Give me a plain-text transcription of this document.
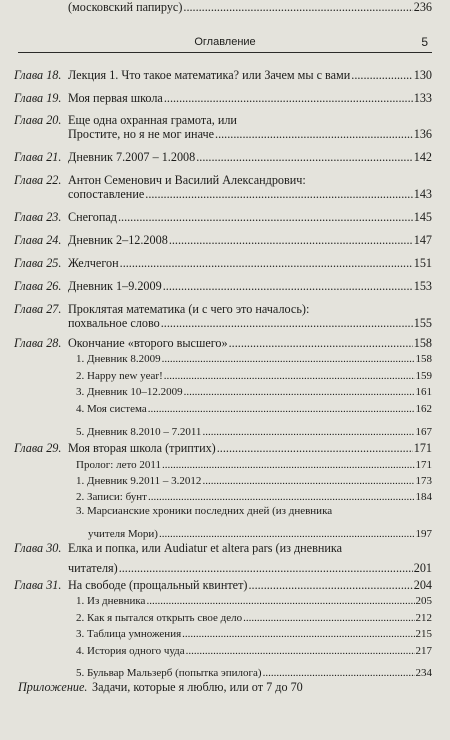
Оглавление	5
Глава 18. Лекция 1. Что такое математика? или Зачем мы с вами .....	130
Глава 19. Моя первая школа .....	133
Глава 20. Еще одна охранная грамота, или
Простите, но я не мог иначе .....	136
Глава 21. Дневник 7.2007 – 1.2008 .....	142
Глава 22. Антон Семенович и Василий Александрович:
сопоставление .....	143
Глава 23. Снегопад .....	145
Глава 24. Дневник 2–12.2008 .....	147
Глава 25. Желчегон .....	151
Глава 26. Дневник 1–9.2009 .....	153
Глава 27. Проклятая математика (и с чего это началось):
похвальное слово .....	155
Глава 28. Окончание «второго высшего» .....	158
1. Дневник 8.2009 .....	158
2. Happy new year! .....	159
3. Дневник 10–12.2009 .....	161
4. Моя система .....	162
5. Дневник 8.2010 – 7.2011 .....	167
Глава 29. Моя вторая школа (триптих) .....	171
Пролог: лето 2011 .....	171
1. Дневник 9.2011 – 3.2012 .....	173
2. Записи: бунт .....	184
3. Марсианские хроники последних дней (из дневника
учителя Мори) .....	197
Глава 30. Елка и попка, или Audiatur et altera pars (из дневника
читателя) .....	201
Глава 31. На свободе (прощальный квинтет) .....	204
1. Из дневника .....	205
2. Как я пытался открыть свое дело .....	212
3. Таблица умножения .....	215
4. История одного чуда .....	217
5. Бульвар Мальзерб (попытка эпилога) .....	234
Приложение. Задачи, которые я люблю, или от 7 до 70
(московский папирус) .....	236
